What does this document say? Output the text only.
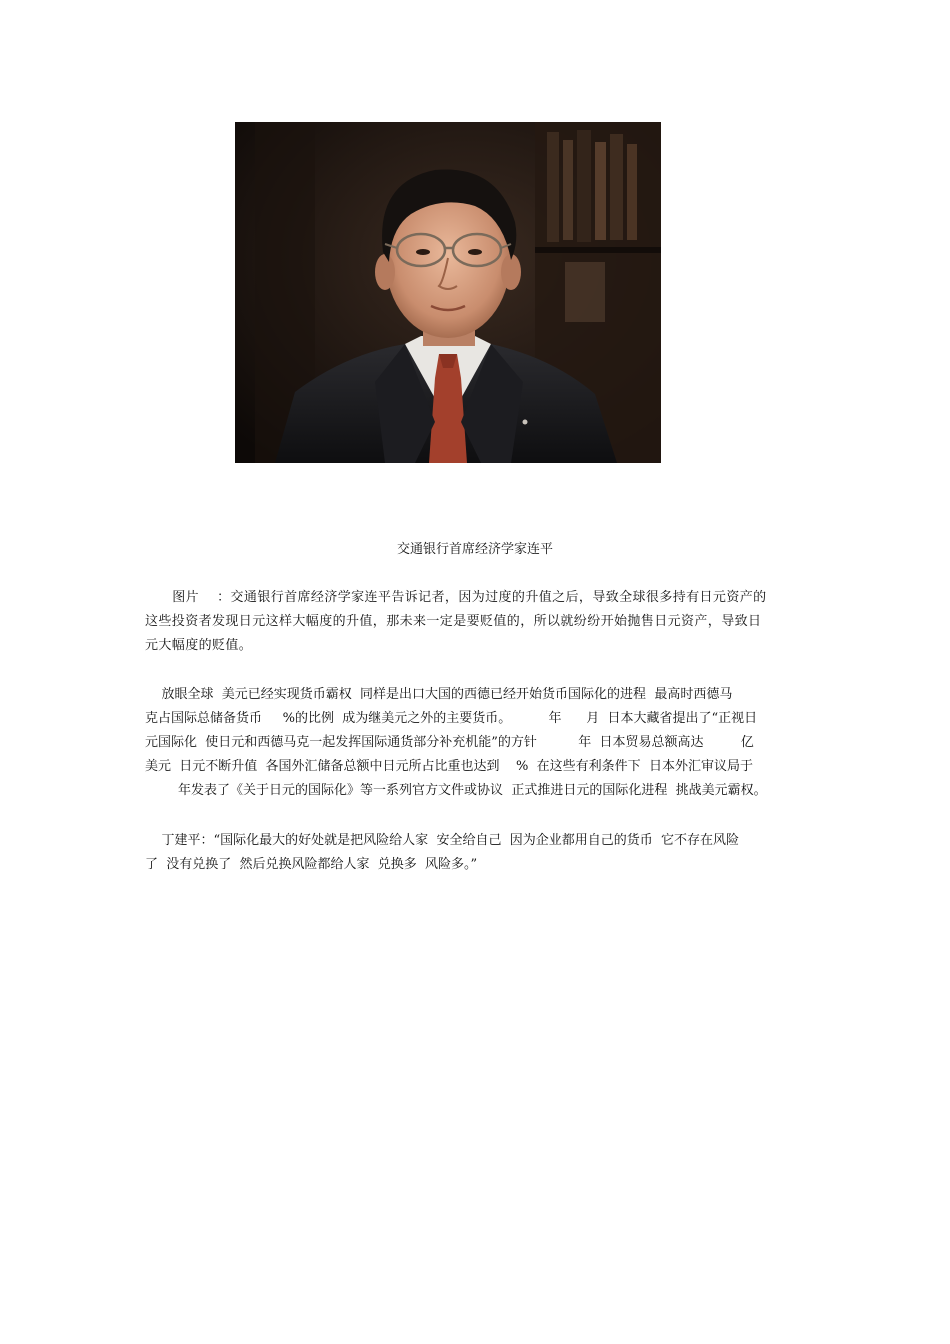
交通银行首席经济学家连平
图片    ：交通银行首席经济学家连平告诉记者，因为过度的升值之后，导致全球很多持有日元资产的
这些投资者发现日元这样大幅度的升值，那未来一定是要贬值的，所以就纷纷开始抛售日元资产，导致日
元大幅度的贬值。
放眼全球  美元已经实现货币霸权  同样是出口大国的西德已经开始货币国际化的进程  最高时西德马
克占国际总储备货币     %的比例  成为继美元之外的主要货币。         年      月  日本大藏省提出了“正视日
元国际化  使日元和西德马克一起发挥国际通货部分补充机能”的方针          年  日本贸易总额高达         亿
美元  日元不断升值  各国外汇储备总额中日元所占比重也达到    %  在这些有利条件下  日本外汇审议局于
年发表了《关于日元的国际化》等一系列官方文件或协议  正式推进日元的国际化进程  挑战美元霸权。
丁建平：“国际化最大的好处就是把风险给人家  安全给自己  因为企业都用自己的货币  它不存在风险
了  没有兑换了  然后兑换风险都给人家  兑换多  风险多。”
